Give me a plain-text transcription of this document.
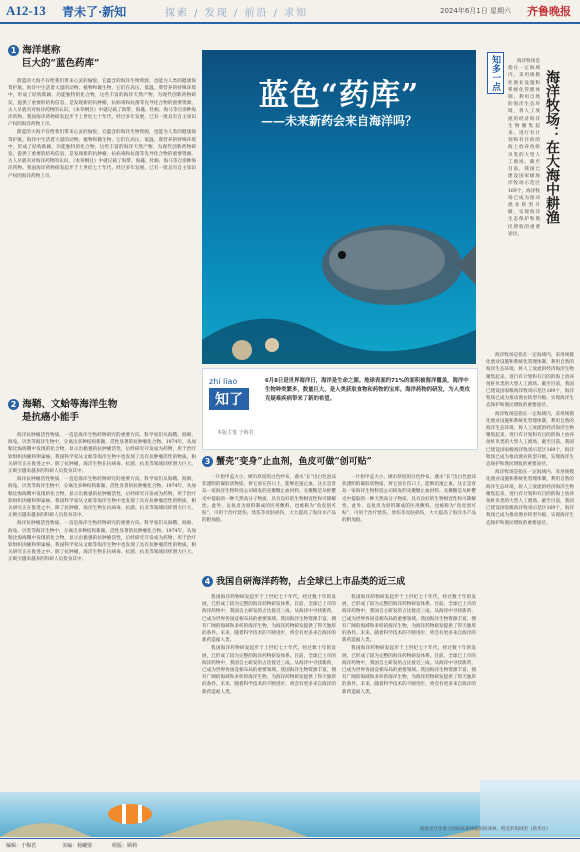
A12-13 青未了·新知	探索 / 发现 / 前沿 / 求知	2024年6月1日 星期六 齐鲁晚报
1 海洋堪称
巨大的“蓝色药库”

蔚蓝的大海不仅给我们带来心灵的愉悦，它蕴含的海洋生物资源，也能为人类的健康保驾护航。海洋中生活着大量的动物、植物和微生物，它们在高压、低温、寡营养的特殊环境中，形成了结构新颖、功能独特的化合物，这些丰富的海洋天然产物，为现代创新药物研发，提供了重要的结构信息，是发现新的抗肿瘤、抗病毒和抗菌等先导化合物的重要资源。古人早就有对海洋药物的认识，《本草纲目》中就记载了海带、海藻、牡蛎、海马等百余种海洋药物。我国海洋药物研发起步于上世纪七十年代，经过多年发展，已有一批具有自主知识产权的海洋药物上市。

蔚蓝的大海不仅给我们带来心灵的愉悦，它蕴含的海洋生物资源，也能为人类的健康保驾护航。海洋中生活着大量的动物、植物和微生物，它们在高压、低温、寡营养的特殊环境中，形成了结构新颖、功能独特的化合物，这些丰富的海洋天然产物，为现代创新药物研发，提供了重要的结构信息，是发现新的抗肿瘤、抗病毒和抗菌等先导化合物的重要资源。古人早就有对海洋药物的认识，《本草纲目》中就记载了海带、海藻、牡蛎、海马等百余种海洋药物。我国海洋药物研发起步于上世纪七十年代，经过多年发展，已有一批具有自主知识产权的海洋药物上市。

2 海鞘、文蛤等海洋生物
是抗癌小能手

海洋抗肿瘤活性物质，一直是海洋生物药物研究的重要方向。科学家们从海鞘、海绵、海兔、贝类等海洋生物中，分离出多种结构新颖、活性显著的抗肿瘤化合物。1974年，从加勒比海海鞘中发现的化合物，显示出极强的抗肿瘤活性，后经研究开发成为药物，用于治疗软组织肉瘤和卵巢癌。我国科学家从文蛤等海洋生物中也发现了具有抗肿瘤活性的物质，相关研究正在推进之中。除了抗肿瘤，海洋生物在抗病毒、抗菌、抗炎等领域同样潜力巨大，正吸引越来越多的科研人员投身其中。

海洋抗肿瘤活性物质，一直是海洋生物药物研究的重要方向。科学家们从海鞘、海绵、海兔、贝类等海洋生物中，分离出多种结构新颖、活性显著的抗肿瘤化合物。1974年，从加勒比海海鞘中发现的化合物，显示出极强的抗肿瘤活性，后经研究开发成为药物，用于治疗软组织肉瘤和卵巢癌。我国科学家从文蛤等海洋生物中也发现了具有抗肿瘤活性的物质，相关研究正在推进之中。除了抗肿瘤，海洋生物在抗病毒、抗菌、抗炎等领域同样潜力巨大，正吸引越来越多的科研人员投身其中。

海洋抗肿瘤活性物质，一直是海洋生物药物研究的重要方向。科学家们从海鞘、海绵、海兔、贝类等海洋生物中，分离出多种结构新颖、活性显著的抗肿瘤化合物。1974年，从加勒比海海鞘中发现的化合物，显示出极强的抗肿瘤活性，后经研究开发成为药物，用于治疗软组织肉瘤和卵巢癌。我国科学家从文蛤等海洋生物中也发现了具有抗肿瘤活性的物质，相关研究正在推进之中。除了抗肿瘤，海洋生物在抗病毒、抗菌、抗炎等领域同样潜力巨大，正吸引越来越多的科研人员投身其中。

蓝色“药库”
——未来新药会来自海洋吗？
知多一点	海洋牧场：在大海中耕渔

海洋牧场是指在一定海域内，采用规模化渔业设施和系统化管理体制，利用自然的海洋生态环境，将人工放流的经济海洋生物聚集起来，进行有计划和有目的的海上放养鱼虾贝类的大型人工渔场。截至目前，我国已建设国家级海洋牧场示范区169个，海洋牧场已成为推动渔业转型升级、实现海洋生态保护和渔民增收的重要途径。

海洋牧场是指在一定海域内，采用规模化渔业设施和系统化管理体制，利用自然的海洋生态环境，将人工放流的经济海洋生物聚集起来，进行有计划和有目的的海上放养鱼虾贝类的大型人工渔场。截至目前，我国已建设国家级海洋牧场示范区169个，海洋牧场已成为推动渔业转型升级、实现海洋生态保护和渔民增收的重要途径。

海洋牧场是指在一定海域内，采用规模化渔业设施和系统化管理体制，利用自然的海洋生态环境，将人工放流的经济海洋生物聚集起来，进行有计划和有目的的海上放养鱼虾贝类的大型人工渔场。截至目前，我国已建设国家级海洋牧场示范区169个，海洋牧场已成为推动渔业转型升级、实现海洋生态保护和渔民增收的重要途径。

海洋牧场是指在一定海域内，采用规模化渔业设施和系统化管理体制，利用自然的海洋生态环境，将人工放流的经济海洋生物聚集起来，进行有计划和有目的的海上放养鱼虾贝类的大型人工渔场。截至目前，我国已建设国家级海洋牧场示范区169个，海洋牧场已成为推动渔业转型升级、实现海洋生态保护和渔民增收的重要途径。

zhi liao
知了
6月8日是世界海洋日，海洋是生命之源。地球表面约71%的面积被海洋覆盖，海洋中生物种类繁多，数量巨大，是人类获取食物和药物的宝库。海洋药物的研发，为人类攻克疑难疾病带来了新的希望。
本版主笔 于梅君
3 蟹壳“变身”止血剂，鱼皮可做“创可贴”

一片指甲盖大小、硬币厚度的白色纱布，遇水“长”出白色泡沫状透明的凝胶状物质，将它放在伤口上，能够迅速止血。这正是青岛一家海洋生物科技公司研发的壳聚糖止血材料。壳聚糖是从虾蟹壳中提取的一种天然高分子物质，具有良好的生物相容性和可降解性。此外，以鱼皮为原料制成的医用敷料，也被称为“鱼皮创可贴”，可用于治疗烧伤、烫伤等皮肤损伤，大大提高了海洋水产品的附加值。

一片指甲盖大小、硬币厚度的白色纱布，遇水“长”出白色泡沫状透明的凝胶状物质，将它放在伤口上，能够迅速止血。这正是青岛一家海洋生物科技公司研发的壳聚糖止血材料。壳聚糖是从虾蟹壳中提取的一种天然高分子物质，具有良好的生物相容性和可降解性。此外，以鱼皮为原料制成的医用敷料，也被称为“鱼皮创可贴”，可用于治疗烧伤、烫伤等皮肤损伤，大大提高了海洋水产品的附加值。

4 我国自研海洋药物，占全球已上市品类的近三成

我国海洋药物研发起步于上世纪七十年代，经过数十年的发展，已形成了较为完整的海洋药物研发体系。目前，全球已上市的海洋药物中，我国自主研发的占比接近三成。从海洋中寻找新药，已成为世界各国竞相布局的重要领域。我国海洋生物资源丰富，拥有广阔的海域和多样的海洋生物，为海洋药物研发提供了得天独厚的条件。未来，随着科学技术的不断进步，将会有更多来自海洋的新药造福人类。

我国海洋药物研发起步于上世纪七十年代，经过数十年的发展，已形成了较为完整的海洋药物研发体系。目前，全球已上市的海洋药物中，我国自主研发的占比接近三成。从海洋中寻找新药，已成为世界各国竞相布局的重要领域。我国海洋生物资源丰富，拥有广阔的海域和多样的海洋生物，为海洋药物研发提供了得天独厚的条件。未来，随着科学技术的不断进步，将会有更多来自海洋的新药造福人类。

我国海洋药物研发起步于上世纪七十年代，经过数十年的发展，已形成了较为完整的海洋药物研发体系。目前，全球已上市的海洋药物中，我国自主研发的占比接近三成。从海洋中寻找新药，已成为世界各国竞相布局的重要领域。我国海洋生物资源丰富，拥有广阔的海域和多样的海洋生物，为海洋药物研发提供了得天独厚的条件。未来，随着科学技术的不断进步，将会有更多来自海洋的新药造福人类。

我国海洋药物研发起步于上世纪七十年代，经过数十年的发展，已形成了较为完整的海洋药物研发体系。目前，全球已上市的海洋药物中，我国自主研发的占比接近三成。从海洋中寻找新药，已成为世界各国竞相布局的重要领域。我国海洋生物资源丰富，拥有广阔的海域和多样的海洋生物，为海洋药物研发提供了得天独厚的条件。未来，随着科学技术的不断进步，将会有更多来自海洋的新药造福人类。

海底里还住着大的海底森林般的海葵林，附近的海域里（新华社）
编辑：于梅君	美编：杨曦璧	组版：顾莉
